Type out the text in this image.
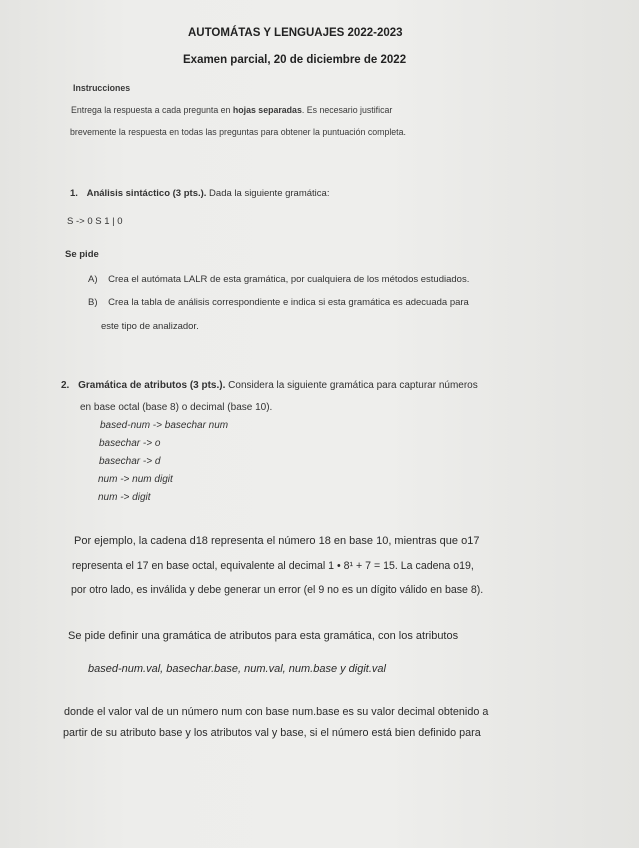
AUTOMÁTAS Y LENGUAJES 2022-2023
Examen parcial, 20 de diciembre de 2022
Instrucciones
Entrega la respuesta a cada pregunta en hojas separadas. Es necesario justificar
brevemente la respuesta en todas las preguntas para obtener la puntuación completa.
1. Análisis sintáctico (3 pts.). Dada la siguiente gramática:
S -> 0 S 1 | 0
Se pide
A) Crea el autómata LALR de esta gramática, por cualquiera de los métodos estudiados.
B) Crea la tabla de análisis correspondiente e indica si esta gramática es adecuada para
este tipo de analizador.
2. Gramática de atributos (3 pts.). Considera la siguiente gramática para capturar números
en base octal (base 8) o decimal (base 10).
based-num -> basechar num
basechar -> o
basechar -> d
num -> num digit
num -> digit
Por ejemplo, la cadena d18 representa el número 18 en base 10, mientras que o17
representa el 17 en base octal, equivalente al decimal 1 • 8¹ + 7 = 15. La cadena o19,
por otro lado, es inválida y debe generar un error (el 9 no es un dígito válido en base 8).
Se pide definir una gramática de atributos para esta gramática, con los atributos
based-num.val, basechar.base, num.val, num.base y digit.val
donde el valor val de un número num con base num.base es su valor decimal obtenido a
partir de su atributo base y los atributos val y base, si el número está bien definido para
